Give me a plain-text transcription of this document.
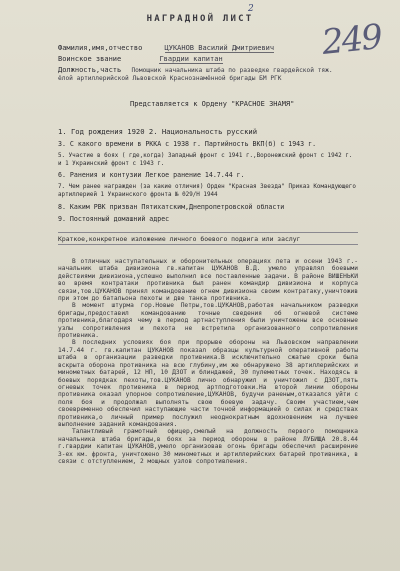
2
249
НАГРАДНОЙ ЛИСТ
Фамилия,имя,отчество	ЦУКАНОВ Василий Дмитриевич
Воинское звание	Гвардии капитан
Должность,часть Помощник начальника штаба по разведке гвардейской тяж.
ёлой артиллерийской Львовской Краснознамённой бригады БМ РГК
Представляется к Ордену "КРАСНОЕ ЗНАМЯ"
1. Год рождения 1920 2. Национальность русский
3. С какого времени в РККА с 1938 г. Партийность ВКП(б) с 1943 г.
5. Участие в боях ( где,когда) Западный фронт с 1941 г.,Воронежский фронт с 1942 г. и 1 Украинский фронт с 1943 г.
6. Ранения и контузии Легкое ранение 14.7.44 г.
7. Чем ранее награжден (за какие отличия) Орден "Красная Звезда" Приказ Командующего артиллерией 1 Украинского фронта № 029/Н 1944
8. Каким РВК призван Пятихатским,Днепропетровской области
9. Постоянный домашний адрес
Краткое,конкретное изложение личного боевого подвига или заслуг

В отличных наступательных и оборонительных операциях лета и осени 1943 г.-начальник штаба дивизиона гв.капитан ЦУКАНОВ В.Д. умело управлял боевыми действиями дивизиона,успешно выполнил все поставленные задачи. В районе ВИШЕНЬКИ во время контратаки противника был ранен командир дивизиона и корпуса связи,тов.ЦУКАНОВ принял командование огнем дивизиона своим контратаку,уничтожив при этом до батальона пехоты и две танка противника.

В момент штурма гор.Новые Петры,тов.ЦУКАНОВ,работая начальником разведки бригады,предоставил командованию точные сведения об огневой системе противника,благодаря чему в период артнаступления были уничтожены все основные узлы сопротивления и пехота не встретила организованного сопротивления противника.

В последних условиях боя при прорыве обороны на Львовском направлении 14.7.44 г. гв.капитан ЦУКАНОВ показал образцы культурной оперативной работы штаба в организации разведки противника.В исключительно сжатые сроки была вскрыта оборона противника на всю глубину,им же обнаружено 38 артиллерийских и минометных батарей, 12 НП, 10 ДЗОТ и блиндажей, 30 пулеметных точек. Находясь в боевых порядках пехоты,тов.ЦУКАНОВ лично обнаружил и уничтожил с ДЗОТ,пять огневых точек противника в период артподготовки.На второй линии обороны противника оказал упорное сопротивление,ЦУКАНОВ, будучи раненым,отказался уйти с поля боя и продолжал выполнять свою боевую задачу. Своим участием,чем своевременно обеспечил наступающие части точной информацией о силах и средствах противника,о личный пример послужил неоднократным вдохновением на лучшее выполнение заданий командования.

Талантливый грамотный офицер,смелый на должность первого помощника начальника штаба бригады,в боях за период обороны в районе ЛУБИЩА 20.8.44 г.гвардии капитан ЦУКАНОВ,умело организовав огонь бригады обеспечил расширение 3-ех км. фронта, уничтожено 30 минометных и артиллерийских батарей противника, в связи с отступлением, 2 мощных узлов сопротивления.
